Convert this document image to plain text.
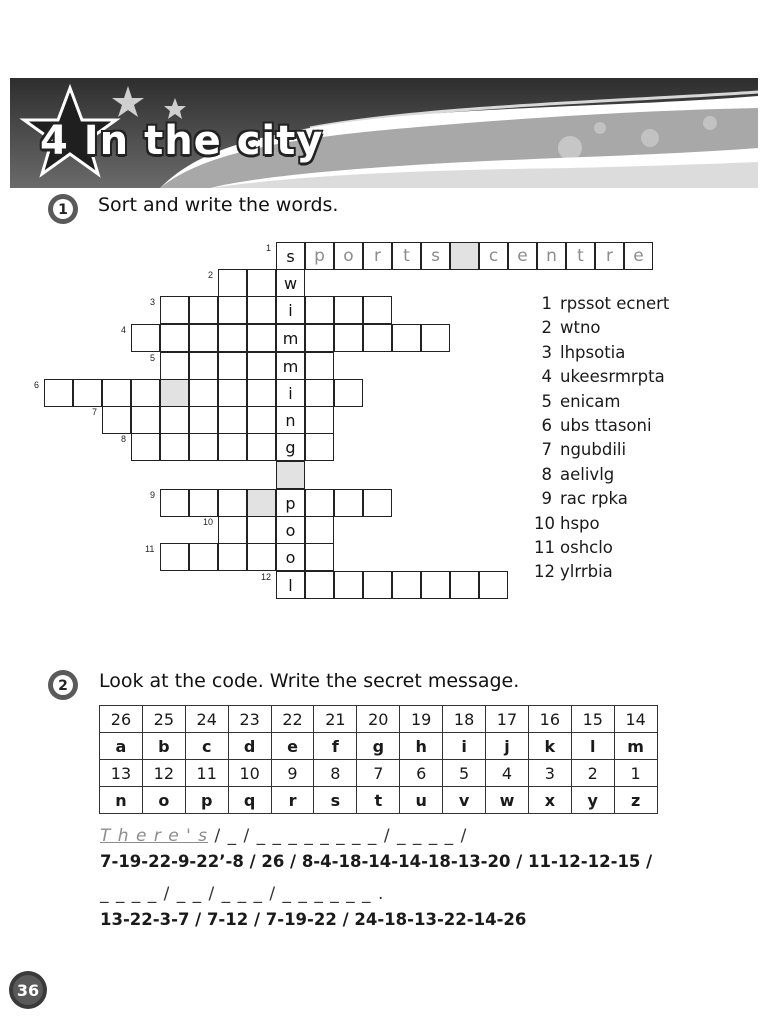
4 In the city
1 Sort and write the words.
s	p	o	r	t	s	c	e	n	t	r	e
1
w
2
i
3
m
4
m
5
i
6
n
7
g
8
p
9
o
10
o
11
l
12
1 rpssot ecnert
2 wtno
3 lhpsotia
4 ukeesrmrpta
5 enicam
6 ubs ttasoni
7 ngubdili
8 aelivlg
9 rac rpka
10 hspo
11 oshclo
12 ylrrbia
2 Look at the code. Write the secret message.
26	25	24	23	22	21	20	19	18	17	16	15	14
a	b	c	d	e	f	g	h	i	j	k	l	m
13	12	11	10	9	8	7	6	5	4	3	2	1
n	o	p	q	r	s	t	u	v	w	x	y	z
T h e r e ' s / _ / _ _ _ _ _ _ _ _ / _ _ _ _ /
7-19-22-9-22’-8 / 26 / 8-4-18-14-14-18-13-20 / 11-12-12-15 /
_ _ _ _ / _ _ / _ _ _ / _ _ _ _ _ _ .
13-22-3-7 / 7-12 / 7-19-22 / 24-18-13-22-14-26
36
